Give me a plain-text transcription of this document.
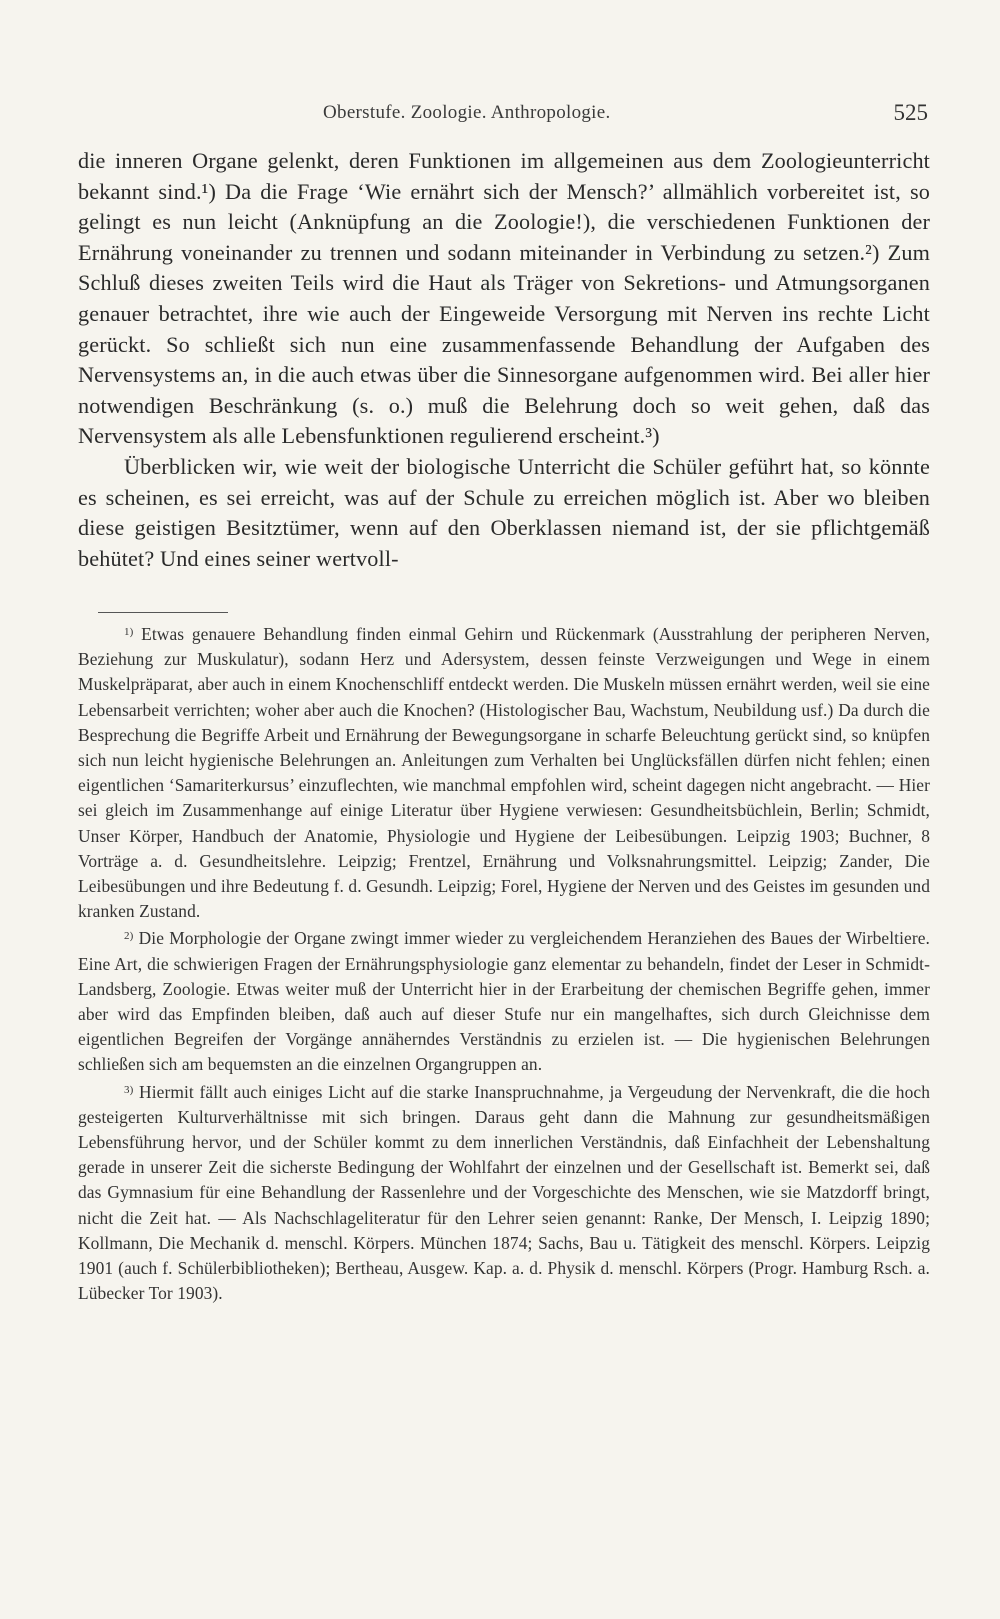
Oberstufe. Zoologie. Anthropologie.	525

die inneren Organe gelenkt, deren Funktionen im allgemeinen aus dem Zoologieunterricht bekannt sind.¹) Da die Frage ‘Wie ernährt sich der Mensch?’ allmählich vorbereitet ist, so gelingt es nun leicht (Anknüpfung an die Zoologie!), die verschiedenen Funktionen der Ernährung voneinander zu trennen und sodann miteinander in Verbindung zu setzen.²) Zum Schluß dieses zweiten Teils wird die Haut als Träger von Sekretions- und Atmungsorganen genauer betrachtet, ihre wie auch der Eingeweide Versorgung mit Nerven ins rechte Licht gerückt. So schließt sich nun eine zusammenfassende Behandlung der Aufgaben des Nervensystems an, in die auch etwas über die Sinnesorgane aufgenommen wird. Bei aller hier notwendigen Beschränkung (s. o.) muß die Belehrung doch so weit gehen, daß das Nervensystem als alle Lebensfunktionen regulierend erscheint.³)

Überblicken wir, wie weit der biologische Unterricht die Schüler geführt hat, so könnte es scheinen, es sei erreicht, was auf der Schule zu erreichen möglich ist. Aber wo bleiben diese geistigen Besitztümer, wenn auf den Oberklassen niemand ist, der sie pflichtgemäß behütet? Und eines seiner wertvoll-

$^{1)}$ Etwas genauere Behandlung finden einmal Gehirn und Rückenmark (Ausstrahlung der peripheren Nerven, Beziehung zur Muskulatur), sodann Herz und Adersystem, dessen feinste Verzweigungen und Wege in einem Muskelpräparat, aber auch in einem Knochenschliff entdeckt werden. Die Muskeln müssen ernährt werden, weil sie eine Lebensarbeit verrichten; woher aber auch die Knochen? (Histologischer Bau, Wachstum, Neubildung usf.) Da durch die Besprechung die Begriffe Arbeit und Ernährung der Bewegungsorgane in scharfe Beleuchtung gerückt sind, so knüpfen sich nun leicht hygienische Belehrungen an. Anleitungen zum Verhalten bei Unglücksfällen dürfen nicht fehlen; einen eigentlichen ‘Samariterkursus’ einzuflechten, wie manchmal empfohlen wird, scheint dagegen nicht angebracht. — Hier sei gleich im Zusammenhange auf einige Literatur über Hygiene verwiesen: Gesundheitsbüchlein, Berlin; Schmidt, Unser Körper, Handbuch der Anatomie, Physiologie und Hygiene der Leibesübungen. Leipzig 1903; Buchner, 8 Vorträge a. d. Gesundheitslehre. Leipzig; Frentzel, Ernährung und Volksnahrungsmittel. Leipzig; Zander, Die Leibesübungen und ihre Bedeutung f. d. Gesundh. Leipzig; Forel, Hygiene der Nerven und des Geistes im gesunden und kranken Zustand.

$^{2)}$ Die Morphologie der Organe zwingt immer wieder zu vergleichendem Heranziehen des Baues der Wirbeltiere. Eine Art, die schwierigen Fragen der Ernährungsphysiologie ganz elementar zu behandeln, findet der Leser in Schmidt-Landsberg, Zoologie. Etwas weiter muß der Unterricht hier in der Erarbeitung der chemischen Begriffe gehen, immer aber wird das Empfinden bleiben, daß auch auf dieser Stufe nur ein mangelhaftes, sich durch Gleichnisse dem eigentlichen Begreifen der Vorgänge annäherndes Verständnis zu erzielen ist. — Die hygienischen Belehrungen schließen sich am bequemsten an die einzelnen Organgruppen an.

$^{3)}$ Hiermit fällt auch einiges Licht auf die starke Inanspruchnahme, ja Vergeudung der Nervenkraft, die die hoch gesteigerten Kulturverhältnisse mit sich bringen. Daraus geht dann die Mahnung zur gesundheitsmäßigen Lebensführung hervor, und der Schüler kommt zu dem innerlichen Verständnis, daß Einfachheit der Lebenshaltung gerade in unserer Zeit die sicherste Bedingung der Wohlfahrt der einzelnen und der Gesellschaft ist. Bemerkt sei, daß das Gymnasium für eine Behandlung der Rassenlehre und der Vorgeschichte des Menschen, wie sie Matzdorff bringt, nicht die Zeit hat. — Als Nachschlageliteratur für den Lehrer seien genannt: Ranke, Der Mensch, I. Leipzig 1890; Kollmann, Die Mechanik d. menschl. Körpers. München 1874; Sachs, Bau u. Tätigkeit des menschl. Körpers. Leipzig 1901 (auch f. Schülerbibliotheken); Bertheau, Ausgew. Kap. a. d. Physik d. menschl. Körpers (Progr. Hamburg Rsch. a. Lübecker Tor 1903).
